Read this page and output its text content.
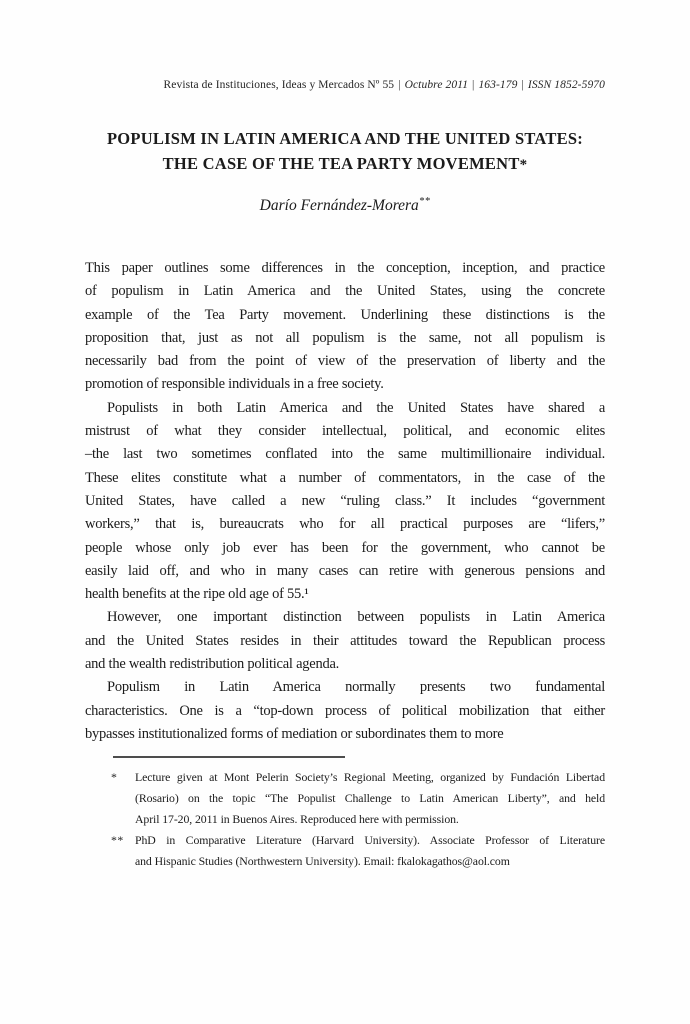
Revista de Instituciones, Ideas y Mercados Nº 55 | Octubre 2011 | 163-179 | ISSN 1852-5970
POPULISM IN LATIN AMERICA AND THE UNITED STATES:
THE CASE OF THE TEA PARTY MOVEMENT*
Darío Fernández-Morera**
This paper outlines some differences in the conception, inception, and practice
of populism in Latin America and the United States, using the concrete
example of the Tea Party movement. Underlining these distinctions is the
proposition that, just as not all populism is the same, not all populism is
necessarily bad from the point of view of the preservation of liberty and the
promotion of responsible individuals in a free society.
Populists in both Latin America and the United States have shared a
mistrust of what they consider intellectual, political, and economic elites
–the last two sometimes conflated into the same multimillionaire individual.
These elites constitute what a number of commentators, in the case of the
United States, have called a new “ruling class.” It includes “government
workers,” that is, bureaucrats who for all practical purposes are “lifers,”
people whose only job ever has been for the government, who cannot be
easily laid off, and who in many cases can retire with generous pensions and
health benefits at the ripe old age of 55.¹
However, one important distinction between populists in Latin America
and the United States resides in their attitudes toward the Republican process
and the wealth redistribution political agenda.
Populism in Latin America normally presents two fundamental
characteristics. One is a “top-down process of political mobilization that either
bypasses institutionalized forms of mediation or subordinates them to more
* Lecture given at Mont Pelerin Society’s Regional Meeting, organized by Fundación Libertad
(Rosario) on the topic “The Populist Challenge to Latin American Liberty”, and held
April 17-20, 2011 in Buenos Aires. Reproduced here with permission.
** PhD in Comparative Literature (Harvard University). Associate Professor of Literature
and Hispanic Studies (Northwestern University). Email: fkalokagathos@aol.com
